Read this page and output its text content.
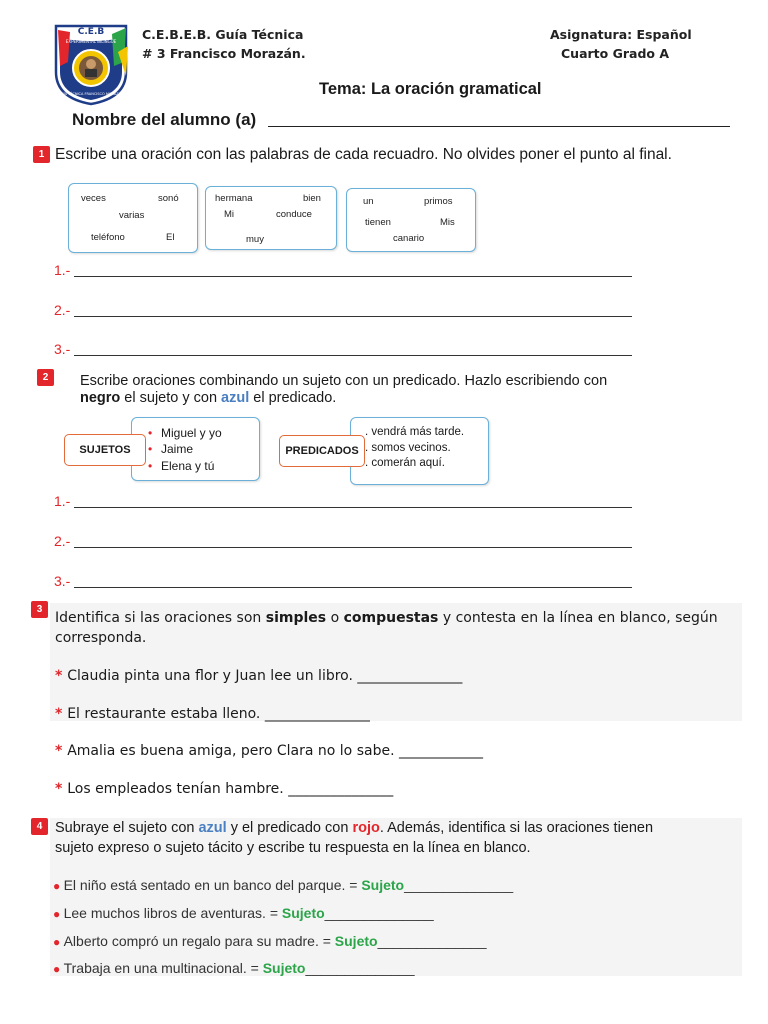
C.E.B
EXPERIMENTAL BILINGÜE
GUÍA TÉCNICA FRANCISCO MORAZÁN
C.E.B.E.B. Guía Técnica
# 3 Francisco Morazán.
Asignatura: Español
Cuarto Grado A
Tema: La oración gramatical
Nombre del alumno (a)
1 Escribe una oración con las palabras de cada recuadro. No olvides poner el punto al final.
veces	sonó
varias
teléfono	El
hermana	bien
Mi	conduce
muy
un	primos
tienen	Mis
canario
1.-
2.-
3.-
2	Escribe oraciones combinando un sujeto con un predicado. Hazlo escribiendo con
negro el sujeto y con azul el predicado.
• Miguel y yo
• Jaime
• Elena y tú
SUJETOS
. vendrá más tarde.
. somos vecinos.
. comerán aquí.
PREDICADOS
1.-
2.-
3.-
3
Identifica si las oraciones son simples o compuestas y contesta en la línea en blanco, según
corresponda.
* Claudia pinta una flor y Juan lee un libro. _______________
* El restaurante estaba lleno. _______________
* Amalia es buena amiga, pero Clara no lo sabe. ____________
* Los empleados tenían hambre. _______________
4 Subraye el sujeto con azul y el predicado con rojo. Además, identifica si las oraciones tienen
sujeto expreso o sujeto tácito y escribe tu respuesta en la línea en blanco.
● El niño está sentado en un banco del parque. = Sujeto______________
● Lee muchos libros de aventuras. = Sujeto______________
● Alberto compró un regalo para su madre. = Sujeto______________
● Trabaja en una multinacional. = Sujeto______________
